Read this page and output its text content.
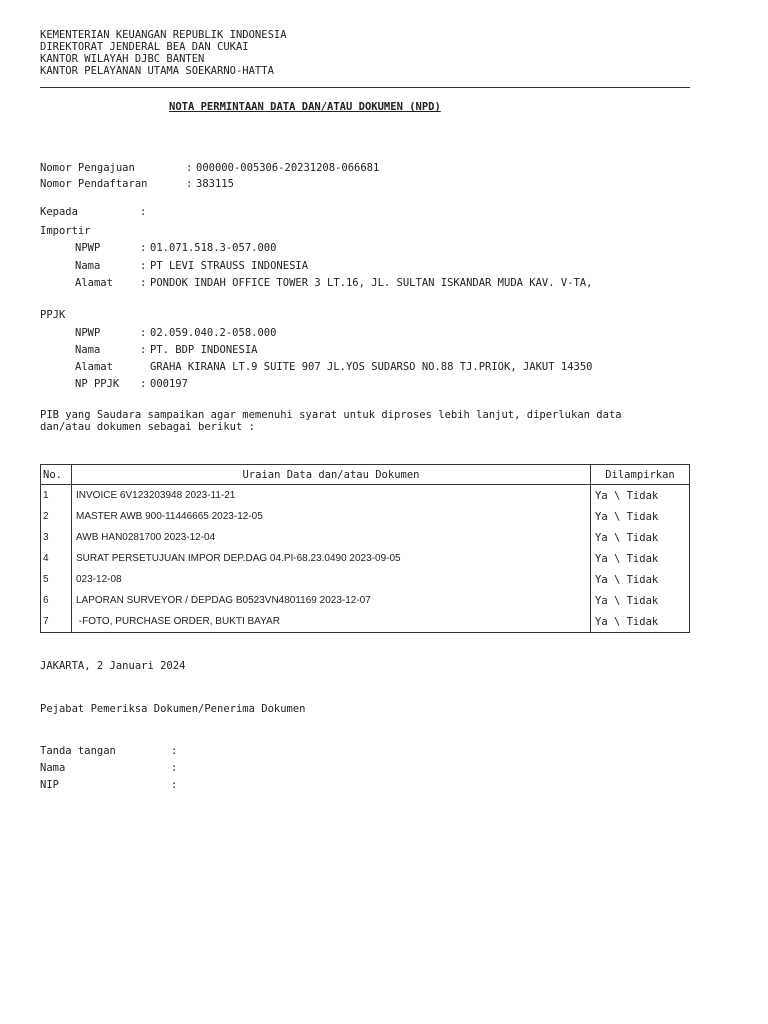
KEMENTERIAN KEUANGAN REPUBLIK INDONESIA
DIREKTORAT JENDERAL BEA DAN CUKAI
KANTOR WILAYAH DJBC BANTEN
KANTOR PELAYANAN UTAMA SOEKARNO-HATTA
NOTA PERMINTAAN DATA DAN/ATAU DOKUMEN (NPD)
Nomor Pengajuan	: 000000-005306-20231208-066681
Nomor Pendaftaran	: 383115
Kepada	:
Importir
NPWP	: 01.071.518.3-057.000
Nama	: PT LEVI STRAUSS INDONESIA
Alamat	: PONDOK INDAH OFFICE TOWER 3 LT.16, JL. SULTAN ISKANDAR MUDA KAV. V-TA,
PPJK
NPWP	: 02.059.040.2-058.000
Nama	: PT. BDP INDONESIA
Alamat	GRAHA KIRANA LT.9 SUITE 907 JL.YOS SUDARSO NO.88 TJ.PRIOK, JAKUT 14350
NP PPJK : 000197
PIB yang Saudara sampaikan agar memenuhi syarat untuk diproses lebih lanjut, diperlukan data
dan/atau dokumen sebagai berikut :
No.	Uraian Data dan/atau Dokumen	Dilampirkan
1	INVOICE 6V123203948 2023-11-21	Ya \ Tidak
2	MASTER AWB 900-11446665 2023-12-05	Ya \ Tidak
3	AWB HAN0281700 2023-12-04	Ya \ Tidak
4	SURAT PERSETUJUAN IMPOR DEP.DAG 04.PI-68.23.0490 2023-09-05	Ya \ Tidak
5	023-12-08	Ya \ Tidak
6	LAPORAN SURVEYOR / DEPDAG B0523VN4801169 2023-12-07	Ya \ Tidak
7	-FOTO, PURCHASE ORDER, BUKTI BAYAR	Ya \ Tidak
JAKARTA, 2 Januari 2024
Pejabat Pemeriksa Dokumen/Penerima Dokumen
Tanda tangan	:
Nama	:
NIP	:
